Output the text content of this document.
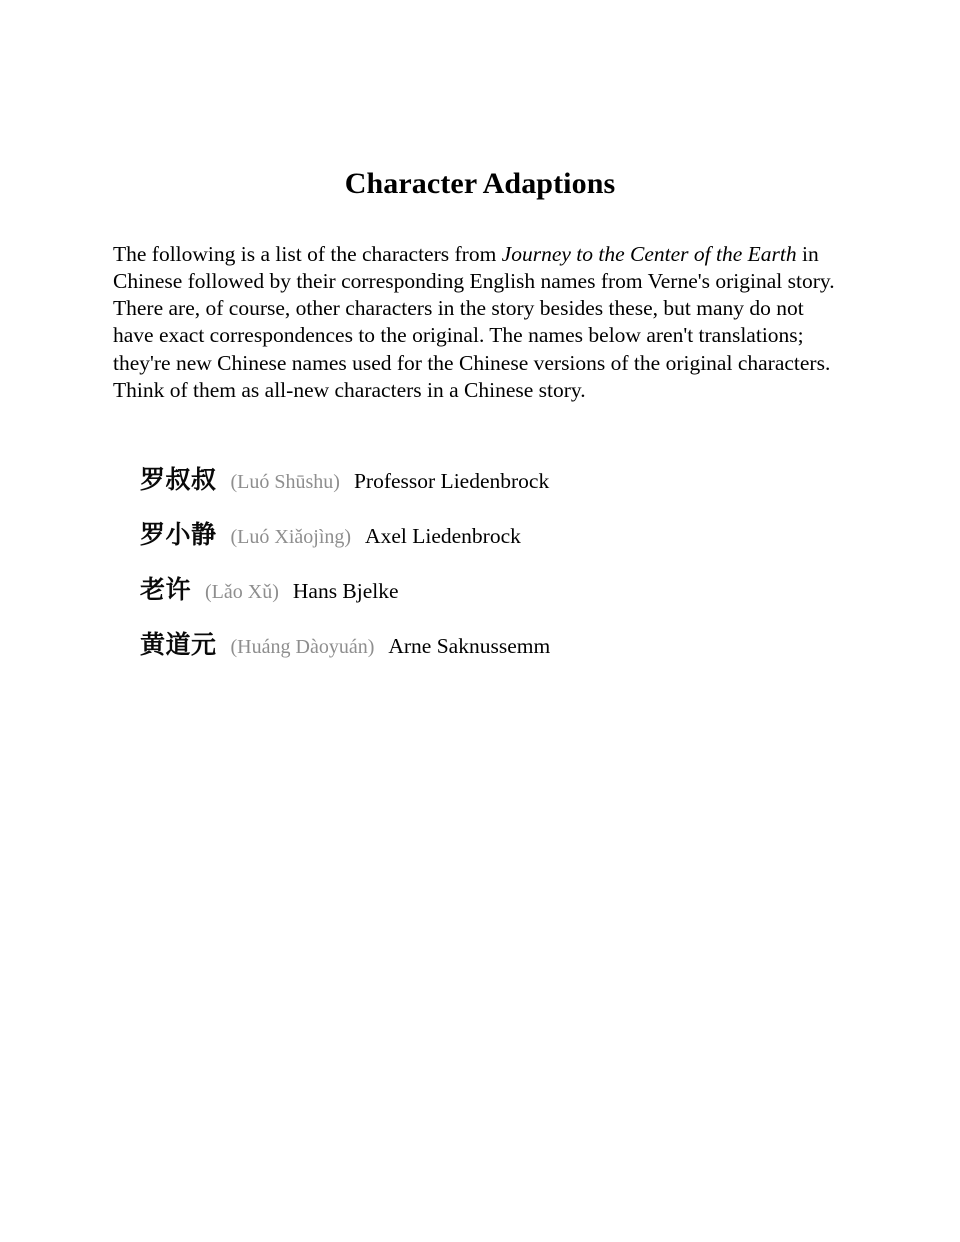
Character Adaptions

The following is a list of the characters from Journey to the Center of the Earth in Chinese followed by their corresponding English names from Verne's original story. There are, of course, other characters in the story besides these, but many do not have exact correspondences to the original. The names below aren't translations; they're new Chinese names used for the Chinese versions of the original characters. Think of them as all-new characters in a Chinese story.

罗叔叔 (Luó Shūshu) Professor Liedenbrock
罗小静 (Luó Xiǎojìng) Axel Liedenbrock
老许 (Lǎo Xǔ) Hans Bjelke
黄道元 (Huáng Dàoyuán) Arne Saknussemm
